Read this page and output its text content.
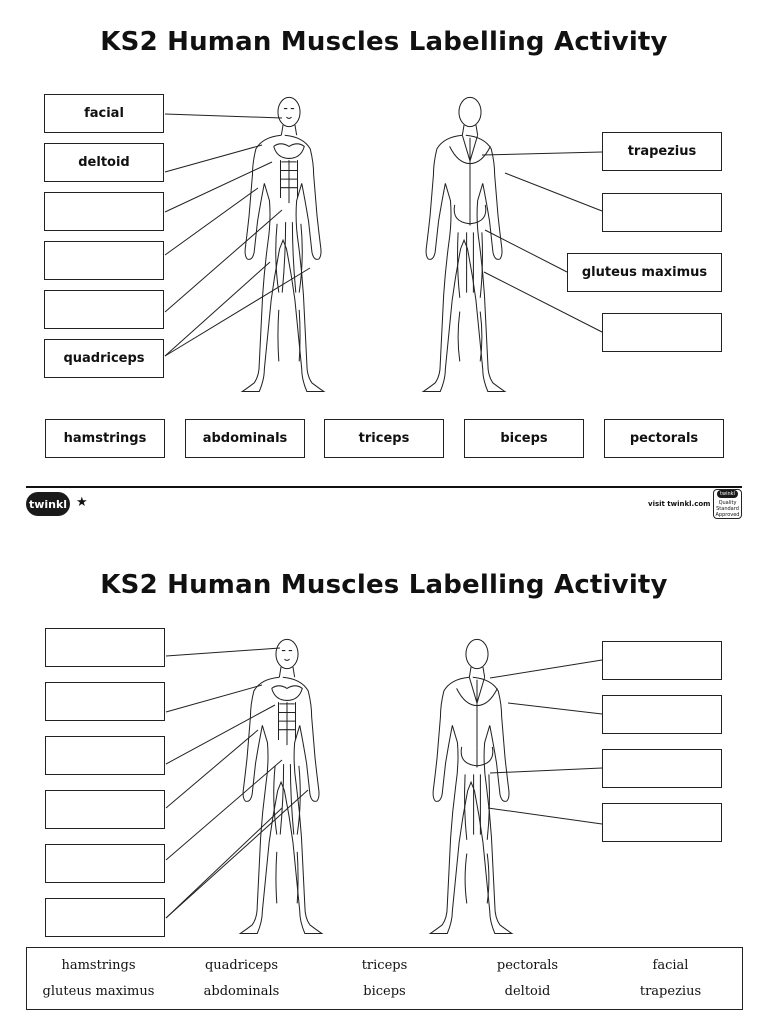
KS2 Human Muscles Labelling Activity
facial
deltoid
quadriceps
trapezius
gluteus maximus
hamstrings	abdominals	triceps	biceps	pectorals
twinkl ★	visit twinkl.com
twinkl
Quality Standard Approved
KS2 Human Muscles Labelling Activity
hamstrings	quadriceps	triceps	pectorals	facial
gluteus maximus	abdominals	biceps	deltoid	trapezius
